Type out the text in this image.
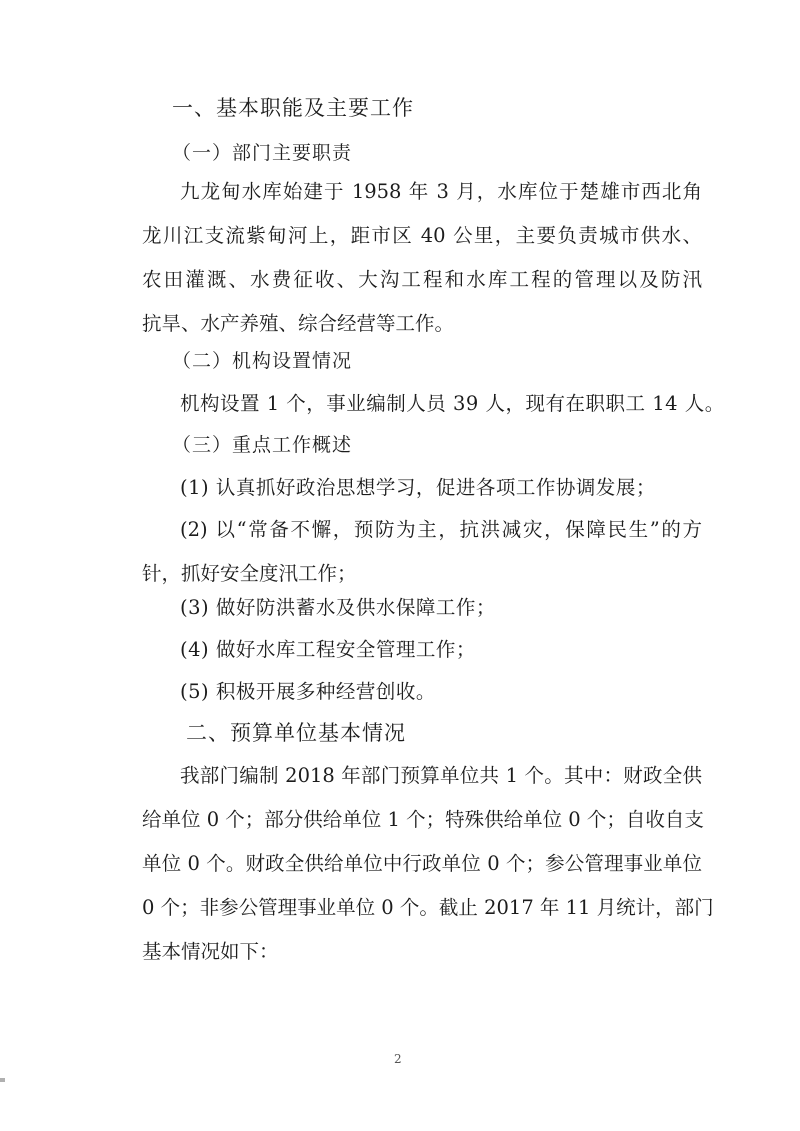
一、基本职能及主要工作
（一）部门主要职责
九龙甸水库始建于 1958 年 3 月，水库位于楚雄市西北角
龙川江支流紫甸河上，距市区 40 公里，主要负责城市供水、
农田灌溉、水费征收、大沟工程和水库工程的管理以及防汛
抗旱、水产养殖、综合经营等工作。
（二）机构设置情况
机构设置 1 个，事业编制人员 39 人，现有在职职工 14 人。
（三）重点工作概述
(1) 认真抓好政治思想学习，促进各项工作协调发展；
(2) 以“常备不懈，预防为主，抗洪减灾，保障民生”的方
针，抓好安全度汛工作；
(3) 做好防洪蓄水及供水保障工作；
(4) 做好水库工程安全管理工作；
(5) 积极开展多种经营创收。
二、预算单位基本情况
我部门编制 2018 年部门预算单位共 1 个。其中：财政全供
给单位 0 个；部分供给单位 1 个；特殊供给单位 0 个；自收自支
单位 0 个。财政全供给单位中行政单位 0 个；参公管理事业单位
0 个；非参公管理事业单位 0 个。截止 2017 年 11 月统计，部门
基本情况如下：
2
